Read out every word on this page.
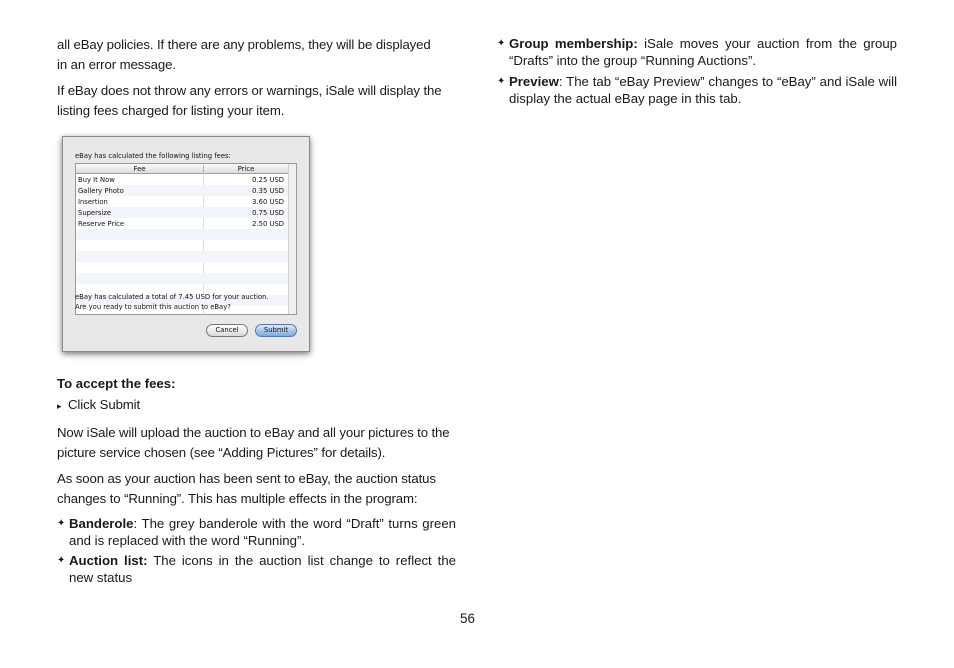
all eBay policies. If there are any problems, they will be displayed in an error message.

If eBay does not throw any errors or warnings, iSale will display the listing fees charged for listing your item.

eBay has calculated the following listing fees:
Fee	Price
Buy It Now	0.25 USD
Gallery Photo	0.35 USD
Insertion	3.60 USD
Supersize	0.75 USD
Reserve Price	2.50 USD
eBay has calculated a total of 7.45 USD for your auction.
Are you ready to submit this auction to eBay?
Cancel	Submit
To accept the fees:
▸ Click Submit

Now iSale will upload the auction to eBay and all your pictures to the picture service chosen (see “Adding Pictures” for details).

As soon as your auction has been sent to eBay, the auction status changes to “Running”. This has multiple effects in the program:

✦ Banderole: The grey banderole with the word “Draft” turns green and is replaced with the word “Running”.
✦ Auction list: The icons in the auction list change to reflect the new status
✦ Group membership: iSale moves your auction from the group “Drafts” into the group “Running Auctions”.
✦ Preview: The tab “eBay Preview” changes to “eBay” and iSale will display the actual eBay page in this tab.
56
